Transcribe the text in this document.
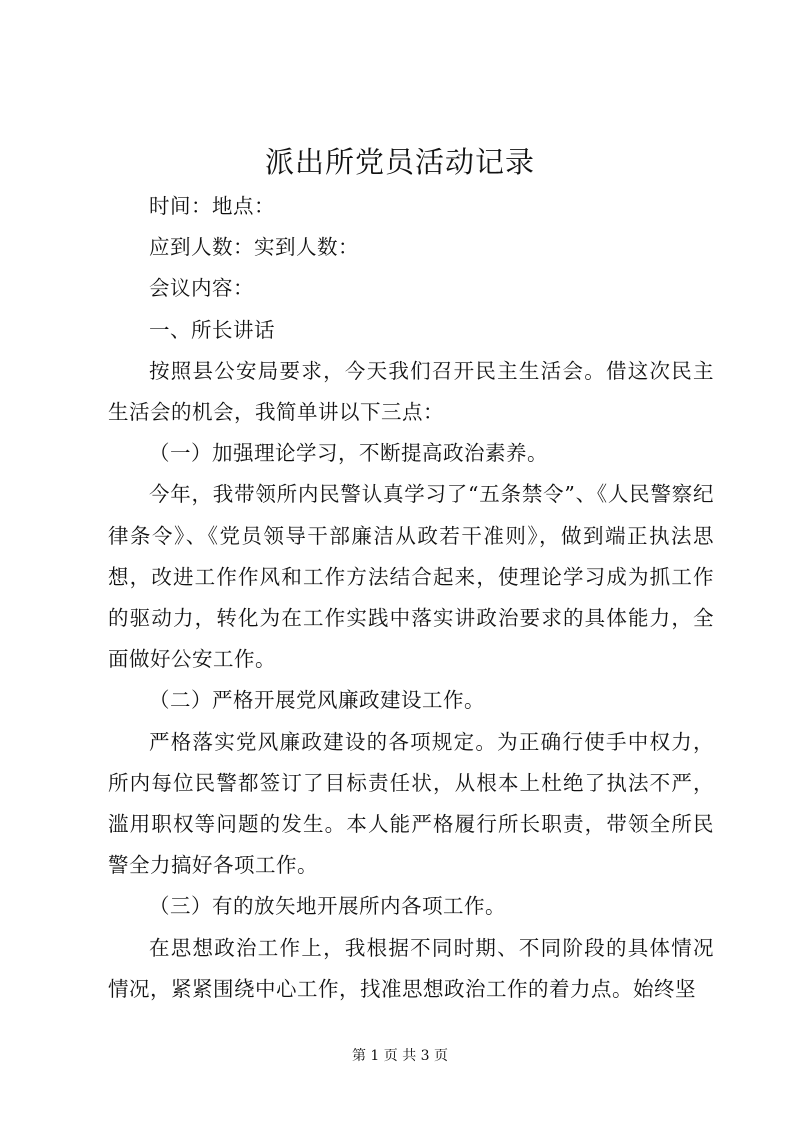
派出所党员活动记录

时间：地点：

应到人数：实到人数：

会议内容：

一、所长讲话

按照县公安局要求，今天我们召开民主生活会。借这次民主生活会的机会，我简单讲以下三点：

（一）加强理论学习，不断提高政治素养。

今年，我带领所内民警认真学习了“五条禁令”、《人民警察纪律条令》、《党员领导干部廉洁从政若干准则》，做到端正执法思想，改进工作作风和工作方法结合起来，使理论学习成为抓工作的驱动力，转化为在工作实践中落实讲政治要求的具体能力，全面做好公安工作。

（二）严格开展党风廉政建设工作。

严格落实党风廉政建设的各项规定。为正确行使手中权力，所内每位民警都签订了目标责任状，从根本上杜绝了执法不严，滥用职权等问题的发生。本人能严格履行所长职责，带领全所民警全力搞好各项工作。

（三）有的放矢地开展所内各项工作。

在思想政治工作上，我根据不同时期、不同阶段的具体情况情况，紧紧围绕中心工作，找准思想政治工作的着力点。始终坚

第 1 页 共 3 页
